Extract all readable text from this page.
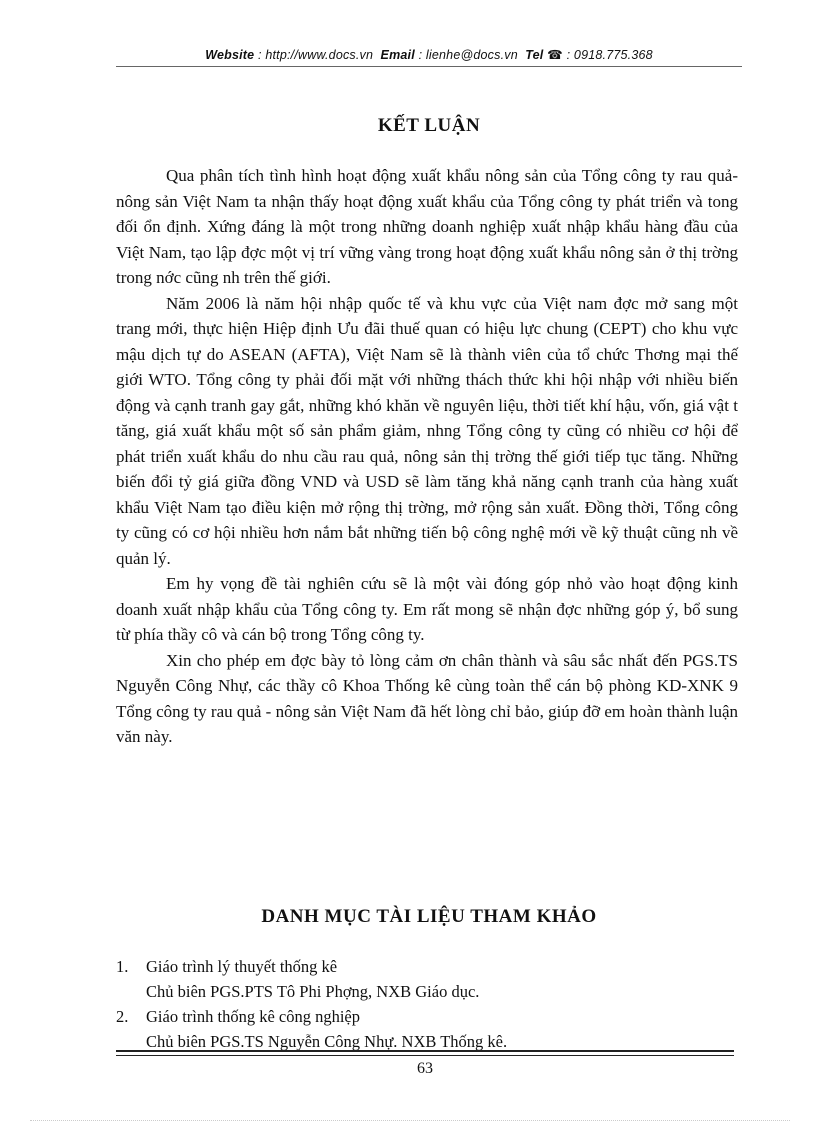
Website : http://www.docs.vn Email : lienhe@docs.vn Tel ☎ : 0918.775.368
KẾT LUẬN

Qua phân tích tình hình hoạt động xuất khẩu nông sản của Tổng công ty rau quả-nông sản Việt Nam ta nhận thấy hoạt động xuất khẩu của Tổng công ty phát triển và tong đối ổn định. Xứng đáng là một trong những doanh nghiệp xuất nhập khẩu hàng đầu của Việt Nam, tạo lập đợc một vị trí vững vàng trong hoạt động xuất khẩu nông sản ở thị trờng trong nớc cũng nh trên thế giới.

Năm 2006 là năm hội nhập quốc tế và khu vực của Việt nam đợc mở sang một trang mới, thực hiện Hiệp định Ưu đãi thuế quan có hiệu lực chung (CEPT) cho khu vực mậu dịch tự do ASEAN (AFTA), Việt Nam sẽ là thành viên của tổ chức Thơng mại thế giới WTO. Tổng công ty phải đối mặt với những thách thức khi hội nhập với nhiều biến động và cạnh tranh gay gắt, những khó khăn về nguyên liệu, thời tiết khí hậu, vốn, giá vật t tăng, giá xuất khẩu một số sản phẩm giảm, nhng Tổng công ty cũng có nhiều cơ hội để phát triển xuất khẩu do nhu cầu rau quả, nông sản thị trờng thế giới tiếp tục tăng. Những biến đổi tỷ giá giữa đồng VND và USD sẽ làm tăng khả năng cạnh tranh của hàng xuất khẩu Việt Nam tạo điều kiện mở rộng thị trờng, mở rộng sản xuất. Đồng thời, Tổng công ty cũng có cơ hội nhiều hơn nắm bắt những tiến bộ công nghệ mới về kỹ thuật cũng nh về quản lý.

Em hy vọng đề tài nghiên cứu sẽ là một vài đóng góp nhỏ vào hoạt động kinh doanh xuất nhập khẩu của Tổng công ty. Em rất mong sẽ nhận đợc những góp ý, bổ sung từ phía thầy cô và cán bộ trong Tổng công ty.

Xin cho phép em đợc bày tỏ lòng cảm ơn chân thành và sâu sắc nhất đến PGS.TS Nguyễn Công Nhự, các thầy cô Khoa Thống kê cùng toàn thể cán bộ phòng KD-XNK 9 Tổng công ty rau quả - nông sản Việt Nam đã hết lòng chỉ bảo, giúp đỡ em hoàn thành luận văn này.

DANH MỤC TÀI LIỆU THAM KHẢO
1.	Giáo trình lý thuyết thống kê
Chủ biên PGS.PTS Tô Phi Phợng, NXB Giáo dục.
2.	Giáo trình thống kê công nghiệp
Chủ biên PGS.TS Nguyễn Công Nhự. NXB Thống kê.
63
